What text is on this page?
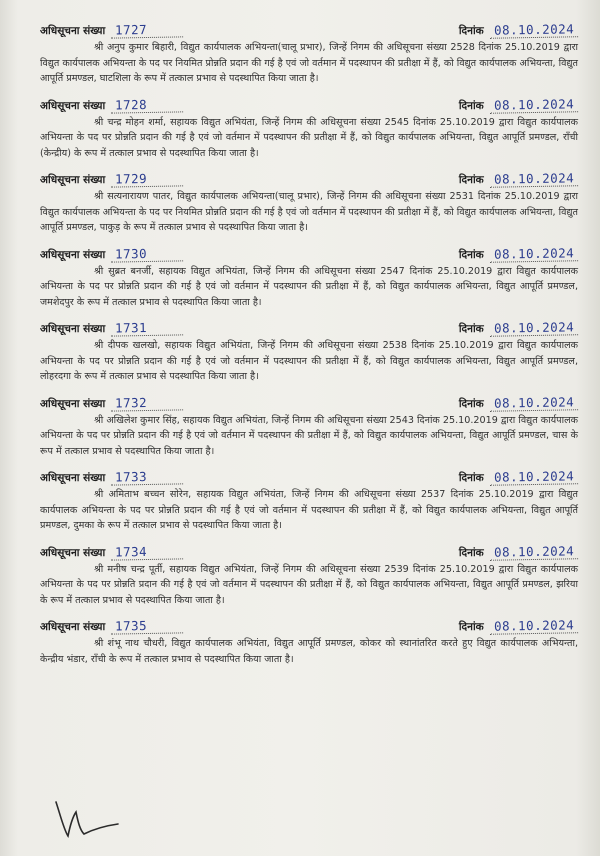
अधिसूचना संख्या 1727	दिनांक 08.10.2024
श्री अनुप कुमार बिहारी, विद्युत कार्यपालक अभियन्ता(चालू प्रभार), जिन्हें निगम की अधिसूचना संख्या 2528 दिनांक 25.10.2019 द्वारा विद्युत कार्यपालक अभियन्ता के पद पर नियमित प्रोन्नति प्रदान की गई है एवं जो वर्तमान में पदस्थापन की प्रतीक्षा में हैं, को विद्युत कार्यपालक अभियन्ता, विद्युत आपूर्ति प्रमण्डल, घाटशिला के रूप में तत्काल प्रभाव से पदस्थापित किया जाता है।
अधिसूचना संख्या 1728	दिनांक 08.10.2024
श्री चन्द्र मोहन शर्मा, सहायक विद्युत अभियंता, जिन्हें निगम की अधिसूचना संख्या 2545 दिनांक 25.10.2019 द्वारा विद्युत कार्यपालक अभियन्ता के पद पर प्रोन्नति प्रदान की गई है एवं जो वर्तमान में पदस्थापन की प्रतीक्षा में हैं, को विद्युत कार्यपालक अभियन्ता, विद्युत आपूर्ति प्रमण्डल, राँची (केन्द्रीय) के रूप में तत्काल प्रभाव से पदस्थापित किया जाता है।
अधिसूचना संख्या 1729	दिनांक 08.10.2024
श्री सत्यनारायण पातर, विद्युत कार्यपालक अभियन्ता(चालू प्रभार), जिन्हें निगम की अधिसूचना संख्या 2531 दिनांक 25.10.2019 द्वारा विद्युत कार्यपालक अभियन्ता के पद पर नियमित प्रोन्नति प्रदान की गई है एवं जो वर्तमान में पदस्थापन की प्रतीक्षा में हैं, को विद्युत कार्यपालक अभियन्ता, विद्युत आपूर्ति प्रमण्डल, पाकुड़ के रूप में तत्काल प्रभाव से पदस्थापित किया जाता है।
अधिसूचना संख्या 1730	दिनांक 08.10.2024
श्री सुब्रत बनर्जी, सहायक विद्युत अभियंता, जिन्हें निगम की अधिसूचना संख्या 2547 दिनांक 25.10.2019 द्वारा विद्युत कार्यपालक अभियन्ता के पद पर प्रोन्नति प्रदान की गई है एवं जो वर्तमान में पदस्थापन की प्रतीक्षा में हैं, को विद्युत कार्यपालक अभियन्ता, विद्युत आपूर्ति प्रमण्डल, जमशेदपुर के रूप में तत्काल प्रभाव से पदस्थापित किया जाता है।
अधिसूचना संख्या 1731	दिनांक 08.10.2024
श्री दीपक खलखो, सहायक विद्युत अभियंता, जिन्हें निगम की अधिसूचना संख्या 2538 दिनांक 25.10.2019 द्वारा विद्युत कार्यपालक अभियन्ता के पद पर प्रोन्नति प्रदान की गई है एवं जो वर्तमान में पदस्थापन की प्रतीक्षा में हैं, को विद्युत कार्यपालक अभियन्ता, विद्युत आपूर्ति प्रमण्डल, लोहरदगा के रूप में तत्काल प्रभाव से पदस्थापित किया जाता है।
अधिसूचना संख्या 1732	दिनांक 08.10.2024
श्री अखिलेश कुमार सिंह, सहायक विद्युत अभियंता, जिन्हें निगम की अधिसूचना संख्या 2543 दिनांक 25.10.2019 द्वारा विद्युत कार्यपालक अभियन्ता के पद पर प्रोन्नति प्रदान की गई है एवं जो वर्तमान में पदस्थापन की प्रतीक्षा में हैं, को विद्युत कार्यपालक अभियन्ता, विद्युत आपूर्ति प्रमण्डल, चास के रूप में तत्काल प्रभाव से पदस्थापित किया जाता है।
अधिसूचना संख्या 1733	दिनांक 08.10.2024
श्री अमिताभ बच्चन सोरेन, सहायक विद्युत अभियंता, जिन्हें निगम की अधिसूचना संख्या 2537 दिनांक 25.10.2019 द्वारा विद्युत कार्यपालक अभियन्ता के पद पर प्रोन्नति प्रदान की गई है एवं जो वर्तमान में पदस्थापन की प्रतीक्षा में हैं, को विद्युत कार्यपालक अभियन्ता, विद्युत आपूर्ति प्रमण्डल, दुमका के रूप में तत्काल प्रभाव से पदस्थापित किया जाता है।
अधिसूचना संख्या 1734	दिनांक 08.10.2024
श्री मनीष चन्द्र पूर्ती, सहायक विद्युत अभियंता, जिन्हें निगम की अधिसूचना संख्या 2539 दिनांक 25.10.2019 द्वारा विद्युत कार्यपालक अभियन्ता के पद पर प्रोन्नति प्रदान की गई है एवं जो वर्तमान में पदस्थापन की प्रतीक्षा में हैं, को विद्युत कार्यपालक अभियन्ता, विद्युत आपूर्ति प्रमण्डल, झरिया के रूप में तत्काल प्रभाव से पदस्थापित किया जाता है।
अधिसूचना संख्या 1735	दिनांक 08.10.2024
श्री शंभू नाथ चौधरी, विद्युत कार्यपालक अभियंता, विद्युत आपूर्ति प्रमण्डल, कोकर को स्थानांतरित करते हुए विद्युत कार्यपालक अभियन्ता, केन्द्रीय भंडार, राँची के रूप में तत्काल प्रभाव से पदस्थापित किया जाता है।
